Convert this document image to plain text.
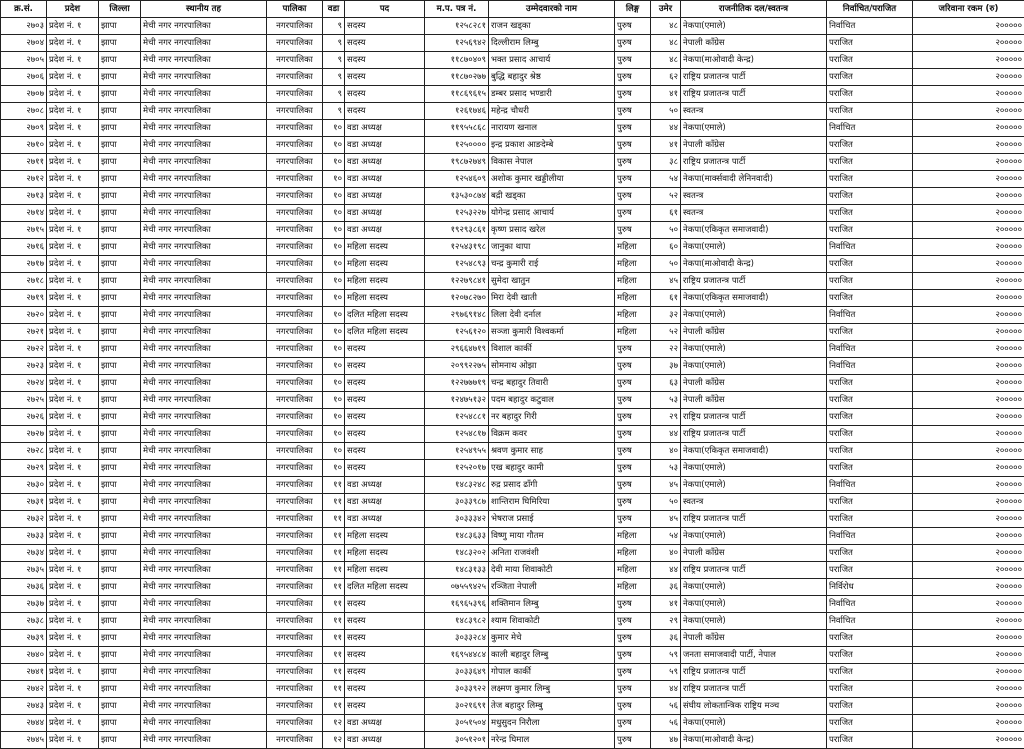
क्र.सं.	प्रदेश	जिल्ला	स्थानीय तह	पालिका	वडा	पद	म.प. पत्र नं.	उम्मेदवारको नाम	लिङ्ग	उमेर	राजनीतिक दल/स्वतन्त्र	निर्वाचित/पराजित	जरिवाना रकम (रु)
२७०३	प्रदेश नं. १	झापा	मेची नगर नगरपालिका	नगरपालिका	९	सदस्य	१२५८२८१	राजन खड्का	पुरुष	४८	नेकपा(एमाले)	निर्वाचित	२०००००
२७०४	प्रदेश नं. १	झापा	मेची नगर नगरपालिका	नगरपालिका	९	सदस्य	१२५६९४२	दिल्लीराम लिम्बु	पुरुष	४८	नेपाली काँग्रेस	पराजित	२०००००
२७०५	प्रदेश नं. १	झापा	मेची नगर नगरपालिका	नगरपालिका	९	सदस्य	११८७०४०९	भक्त प्रसाद आचार्य	पुरुष	४८	नेकपा(माओवादी केन्द्र)	पराजित	२०००००
२७०६	प्रदेश नं. १	झापा	मेची नगर नगरपालिका	नगरपालिका	९	सदस्य	११८७०२७७	बुद्धि बहादुर श्रेष्ठ	पुरुष	६२	राष्ट्रिय प्रजातन्त्र पार्टी	पराजित	२०००००
२७०७	प्रदेश नं. १	झापा	मेची नगर नगरपालिका	नगरपालिका	९	सदस्य	११८६९६१५	डम्बर प्रसाद भण्डारी	पुरुष	४१	राष्ट्रिय प्रजातन्त्र पार्टी	पराजित	२०००००
२७०८	प्रदेश नं. १	झापा	मेची नगर नगरपालिका	नगरपालिका	९	सदस्य	१२६१७४६	महेन्द्र चौधरी	पुरुष	५०	स्वतन्त्र	पराजित	२०००००
२७०९	प्रदेश नं. १	झापा	मेची नगर नगरपालिका	नगरपालिका	१०	वडा अध्यक्ष	११९५५८६८	नारायण खनाल	पुरुष	४४	नेकपा(एमाले)	निर्वाचित	२०००००
२७१०	प्रदेश नं. १	झापा	मेची नगर नगरपालिका	नगरपालिका	१०	वडा अध्यक्ष	१२५००००	इन्द्र प्रकाश आङदेम्बे	पुरुष	४१	नेपाली काँग्रेस	पराजित	२०००००
२७११	प्रदेश नं. १	झापा	मेची नगर नगरपालिका	नगरपालिका	१०	वडा अध्यक्ष	१९८७२७४९	विकास नेपाल	पुरुष	३८	राष्ट्रिय प्रजातन्त्र पार्टी	पराजित	२०००००
२७१२	प्रदेश नं. १	झापा	मेची नगर नगरपालिका	नगरपालिका	१०	वडा अध्यक्ष	१२५४६०९	अशोक कुमार खड्डीलीया	पुरुष	५४	नेकपा(मार्क्सवादी लेनिनवादी)	पराजित	२०००००
२७१३	प्रदेश नं. १	झापा	मेची नगर नगरपालिका	नगरपालिका	१०	वडा अध्यक्ष	१३५३०८७४	बद्री खड्का	पुरुष	५२	स्वतन्त्र	पराजित	२०००००
२७१४	प्रदेश नं. १	झापा	मेची नगर नगरपालिका	नगरपालिका	१०	वडा अध्यक्ष	१२५३२२७	योगेन्द्र प्रसाद आचार्य	पुरुष	६१	स्वतन्त्र	पराजित	२०००००
२७१५	प्रदेश नं. १	झापा	मेची नगर नगरपालिका	नगरपालिका	१०	वडा अध्यक्ष	१९२९३८६१	कृष्ण प्रसाद खरेल	पुरुष	५०	नेकपा(एकिकृत समाजवादी)	पराजित	२०००००
२७१६	प्रदेश नं. १	झापा	मेची नगर नगरपालिका	नगरपालिका	१०	महिला सदस्य	१२५४३१९८	जानुका थापा	महिला	६०	नेकपा(एमाले)	निर्वाचित	२०००००
२७१७	प्रदेश नं. १	झापा	मेची नगर नगरपालिका	नगरपालिका	१०	महिला सदस्य	१२५४८९३	चन्द्र कुमारी राई	महिला	५०	नेकपा(माओवादी केन्द्र)	पराजित	२०००००
२७१८	प्रदेश नं. १	झापा	मेची नगर नगरपालिका	नगरपालिका	१०	महिला सदस्य	१२२७९८४१	सुमेदा खातुन	महिला	४५	राष्ट्रिय प्रजातन्त्र पार्टी	पराजित	२०००००
२७१९	प्रदेश नं. १	झापा	मेची नगर नगरपालिका	नगरपालिका	१०	महिला सदस्य	१२०७८२७०	मिरा देवी खाती	महिला	६१	नेकपा(एकिकृत समाजवादी)	पराजित	२०००००
२७२०	प्रदेश नं. १	झापा	मेची नगर नगरपालिका	नगरपालिका	१०	दलित महिला सदस्य	२९७६९१४८	लिला देवी दर्नाल	महिला	३२	नेकपा(एमाले)	निर्वाचित	२०००००
२७२१	प्रदेश नं. १	झापा	मेची नगर नगरपालिका	नगरपालिका	१०	दलित महिला सदस्य	१२५६१२०	सञ्जा कुमारी विश्वकर्मा	महिला	५२	नेपाली काँग्रेस	पराजित	२०००००
२७२२	प्रदेश नं. १	झापा	मेची नगर नगरपालिका	नगरपालिका	१०	सदस्य	२९६६४७१९	विशाल कार्की	पुरुष	२२	नेकपा(एमाले)	निर्वाचित	२०००००
२७२३	प्रदेश नं. १	झापा	मेची नगर नगरपालिका	नगरपालिका	१०	सदस्य	२०९९२२७५	सोमनाथ ओझा	पुरुष	३७	नेकपा(एमाले)	निर्वाचित	२०००००
२७२४	प्रदेश नं. १	झापा	मेची नगर नगरपालिका	नगरपालिका	१०	सदस्य	१२२७७७१९	चन्द्र बहादुर तिवारी	पुरुष	६३	नेपाली काँग्रेस	पराजित	२०००००
२७२५	प्रदेश नं. १	झापा	मेची नगर नगरपालिका	नगरपालिका	१०	सदस्य	१२४७५१३२	पदम बहादुर कटुवाल	पुरुष	५३	नेपाली काँग्रेस	पराजित	२०००००
२७२६	प्रदेश नं. १	झापा	मेची नगर नगरपालिका	नगरपालिका	१०	सदस्य	१२५४८८१	नर बहादुर गिरी	पुरुष	२९	राष्ट्रिय प्रजातन्त्र पार्टी	पराजित	२०००००
२७२७	प्रदेश नं. १	झापा	मेची नगर नगरपालिका	नगरपालिका	१०	सदस्य	१२५४८१७	विक्रम कवर	पुरुष	४४	राष्ट्रिय प्रजातन्त्र पार्टी	पराजित	२०००००
२७२८	प्रदेश नं. १	झापा	मेची नगर नगरपालिका	नगरपालिका	१०	सदस्य	१२५४९५५	श्रवण कुमार साह	पुरुष	४०	नेकपा(एकिकृत समाजवादी)	पराजित	२०००००
२७२९	प्रदेश नं. १	झापा	मेची नगर नगरपालिका	नगरपालिका	१०	सदस्य	१२५२०१७	एख बहादुर कामी	पुरुष	५३	नेकपा(एमाले)	पराजित	२०००००
२७३०	प्रदेश नं. १	झापा	मेची नगर नगरपालिका	नगरपालिका	११	वडा अध्यक्ष	१४८३२४८	रुद्र प्रसाद ढाँगी	पुरुष	४५	नेकपा(एमाले)	निर्वाचित	२०००००
२७३१	प्रदेश नं. १	झापा	मेची नगर नगरपालिका	नगरपालिका	११	वडा अध्यक्ष	३०३३९८७	शान्तिराम घिमिरिया	पुरुष	५०	स्वतन्त्र	पराजित	२०००००
२७३२	प्रदेश नं. १	झापा	मेची नगर नगरपालिका	नगरपालिका	११	वडा अध्यक्ष	३०३३३४२	भेषराज प्रसाई	पुरुष	४५	राष्ट्रिय प्रजातन्त्र पार्टी	पराजित	२०००००
२७३३	प्रदेश नं. १	झापा	मेची नगर नगरपालिका	नगरपालिका	११	महिला सदस्य	१४८३६३३	विष्णु माया गौतम	महिला	५४	नेकपा(एमाले)	निर्वाचित	२०००००
२७३४	प्रदेश नं. १	झापा	मेची नगर नगरपालिका	नगरपालिका	११	महिला सदस्य	१४८३२०२	अनिता राजवंशी	महिला	४०	नेपाली काँग्रेस	पराजित	२०००००
२७३५	प्रदेश नं. १	झापा	मेची नगर नगरपालिका	नगरपालिका	११	महिला सदस्य	१४८३१३३	देवी माया शिवाकोटी	महिला	४४	राष्ट्रिय प्रजातन्त्र पार्टी	पराजित	२०००००
२७३६	प्रदेश नं. १	झापा	मेची नगर नगरपालिका	नगरपालिका	११	दलित महिला सदस्य	०७५५९४२५	रञ्जिता नेपाली	महिला	३६	नेकपा(एमाले)	निर्विरोध	२०००००
२७३७	प्रदेश नं. १	झापा	मेची नगर नगरपालिका	नगरपालिका	११	सदस्य	१६९६५३९६	शक्तिमान लिम्बु	पुरुष	४१	नेकपा(एमाले)	निर्वाचित	२०००००
२७३८	प्रदेश नं. १	झापा	मेची नगर नगरपालिका	नगरपालिका	११	सदस्य	१४८३९८२	श्याम शिवाकोटी	पुरुष	२९	नेकपा(एमाले)	निर्वाचित	२०००००
२७३९	प्रदेश नं. १	झापा	मेची नगर नगरपालिका	नगरपालिका	११	सदस्य	३०३३२८४	कुमार मेचे	पुरुष	३६	नेपाली काँग्रेस	पराजित	२०००००
२७४०	प्रदेश नं. १	झापा	मेची नगर नगरपालिका	नगरपालिका	११	सदस्य	१६९५४४८४	काली बहादुर लिम्बु	पुरुष	५९	जनता समाजवादी पार्टी, नेपाल	पराजित	२०००००
२७४१	प्रदेश नं. १	झापा	मेची नगर नगरपालिका	नगरपालिका	११	सदस्य	३०३३६४९	गोपाल कार्की	पुरुष	५९	राष्ट्रिय प्रजातन्त्र पार्टी	पराजित	२०००००
२७४२	प्रदेश नं. १	झापा	मेची नगर नगरपालिका	नगरपालिका	११	सदस्य	३०३३९२२	लक्ष्मण कुमार लिम्बु	पुरुष	४४	राष्ट्रिय प्रजातन्त्र पार्टी	पराजित	२०००००
२७४३	प्रदेश नं. १	झापा	मेची नगर नगरपालिका	नगरपालिका	११	सदस्य	३०२१६९१	तेज बहादुर लिम्बु	पुरुष	५६	संघीय लोकतान्त्रिक राष्ट्रिय मञ्च	पराजित	२०००००
२७४४	प्रदेश नं. १	झापा	मेची नगर नगरपालिका	नगरपालिका	१२	वडा अध्यक्ष	३०५१५०४	मधुसुदन निरौला	पुरुष	५६	नेकपा(एमाले)	पराजित	२०००००
२७४५	प्रदेश नं. १	झापा	मेची नगर नगरपालिका	नगरपालिका	१२	वडा अध्यक्ष	३०५१२०१	नरेन्द्र घिमाल	पुरुष	४७	नेकपा(माओवादी केन्द्र)	पराजित	२०००००
